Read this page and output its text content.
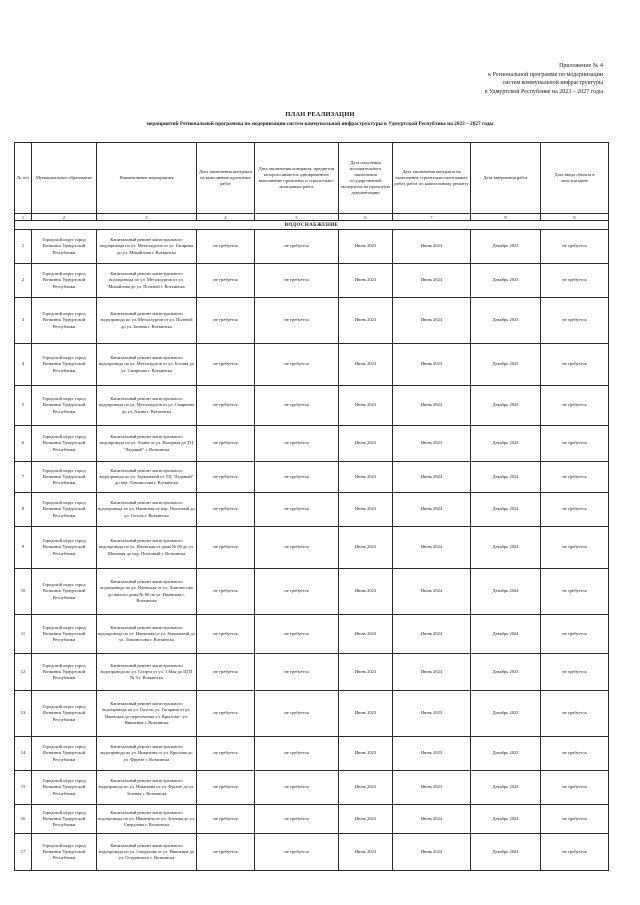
Приложение № 4
к Региональной программе по модернизации
систем коммунальной инфраструктуры
в Удмуртской Республике на 2023 – 2027 годы
ПЛАН РЕАЛИЗАЦИИ
мероприятий Региональной программы по модернизации систем коммунальной инфраструктуры в Удмуртской Республике на 2023 – 2027 годы
№ п/п	Муниципальное образование	Наименование мероприятия	Дата заключения контракта на выполнение проектных работ	Дата заключения контракта, предметом которого является одновременное выполнение проектных и строительно-монтажных работ	Дата получения положительного заключения государственной экспертизы на проектную документацию	Дата заключения контракта на выполнение строительно-монтажных работ, работ по капитальному ремонту	Дата завершения работ	Дата ввода объекта в эксплуатацию
1	2	3	4	5	6	7	8	9
ВОДОСНАБЖЕНИЕ								
1	Городской округ город Воткинск Удмуртской Республики	Капитальный ремонт магистрального водопровода по ул. Металлургов от ул. Гагарина до ул. Михайлова г. Воткинска	не требуется	не требуется	Июнь 2023	Июнь 2023	Декабрь 2023	не требуется
2	Городской округ город Воткинск Удмуртской Республики	Капитальный ремонт магистрального водопровода по ул. Металлургов от ул. Михайлова до ул. Полевой г. Воткинска	не требуется	не требуется	Июнь 2023	Июнь 2023	Декабрь 2023	не требуется
3	Городской округ город Воткинск Удмуртской Республики	Капитальный ремонт магистрального водопровода по ул. Металлургов от ул. Полевой до ул. Ботина г. Воткинска	не требуется	не требуется	Июнь 2023	Июнь 2023	Декабрь 2023	не требуется
4	Городской округ город Воткинск Удмуртской Республики	Капитальный ремонт магистрального водопровода по ул. Металлургов от ул. Ботина до ул. Смирнова г. Воткинска	не требуется	не требуется	Июнь 2023	Июнь 2023	Декабрь 2023	не требуется
5	Городской округ город Воткинск Удмуртской Республики	Капитальный ремонт магистрального водопровода по ул. Металлургов от ул. Смирнова до ул. Азина г. Воткинска	не требуется	не требуется	Июнь 2023	Июнь 2023	Декабрь 2023	не требуется
6	Городской округ город Воткинск Удмуртской Республики	Капитальный ремонт магистрального водопровода по ул. Азина от ул. Нагорная до ТЦ "Ледовый" г. Воткинска	не требуется	не требуется	Июнь 2023	Июнь 2023	Декабрь 2023	не требуется
7	Городской округ город Воткинск Удмуртской Республики	Капитальный ремонт магистрального водопровода по ул. Зеркальной от ТЦ "Ледовый" до пер. Ломоносова г. Воткинска	не требуется	не требуется	Июнь 2023	Июнь 2024	Декабрь 2024	не требуется
8	Городской округ город Воткинск Удмуртской Республики	Капитальный ремонт магистрального водопровода по ул. Ижевская от пер. Почтовый до ул. Гоголя г. Воткинска	не требуется	не требуется	Июнь 2023	Июнь 2024	Декабрь 2024	не требуется
9	Городской округ город Воткинск Удмуртской Республики	Капитальный ремонт магистрального водопровода по ул. Ижевская от дома № 80 до ул. Шиповая до пер. Почтовый г. Воткинска	не требуется	не требуется	Июнь 2023	Июнь 2024	Декабрь 2024	не требуется
10	Городской округ город Воткинск Удмуртской Республики	Капитальный ремонт магистрального водопровода по ул. Ижевская от ул. Ломоносова до жилого дома № 80 по ул. Ижевская г. Воткинска	не требуется	не требуется	Июнь 2023	Июнь 2024	Декабрь 2024	не требуется
11	Городской округ город Воткинск Удмуртской Республики	Капитальный ремонт магистрального водопровода по ул. Ижевская от ул. Зеркальной до ул. Ломоносова г. Воткинска	не требуется	не требуется	Июнь 2023	Июнь 2024	Декабрь 2024	не требуется
12	Городской округ город Воткинск Удмуртской Республики	Капитальный ремонт магистрального водопровода по ул. Спорта от ул. 1 Мая до ЦТП № 9 г. Воткинска	не требуется	не требуется	Июнь 2023	Июнь 2023	Декабрь 2023	не требуется
13	Городской округ город Воткинск Удмуртской Республики	Капитальный ремонт магистрального водопровода по ул. Гоголя, ул. Гагарина от ул. Ижевская до пересечения ул. Крылова - ул. Никитина г. Воткинска	не требуется	не требуется	Июнь 2023	Июнь 2023	Декабрь 2023	не требуется
14	Городской округ город Воткинск Удмуртской Республики	Капитальный ремонт магистрального водопровода по ул. Никитина от ул. Крылова до ул. Фрунзе г. Воткинска	не требуется	не требуется	Июнь 2023	Июнь 2023	Декабрь 2023	не требуется
15	Городской округ город Воткинск Удмуртской Республики	Капитальный ремонт магистрального водопровода по ул. Никитина от ул. Фрунзе до ул. Зеленая г. Воткинска	не требуется	не требуется	Июнь 2023	Июнь 2023	Декабрь 2023	не требуется
16	Городской округ город Воткинск Удмуртской Республики	Капитальный ремонт магистрального водопровода по ул. Никитина от ул. Зеленая до ул. Свердлова г. Воткинска	не требуется	не требуется	Июнь 2023	Июнь 2024	Декабрь 2024	не требуется
17	Городской округ город Воткинск Удмуртской Республики	Капитальный ремонт магистрального водопровода по ул. Свердлова от ул. Никитина до ул. Островского г. Воткинска	не требуется	не требуется	Июнь 2023	Июнь 2024	Декабрь 2024	не требуется
